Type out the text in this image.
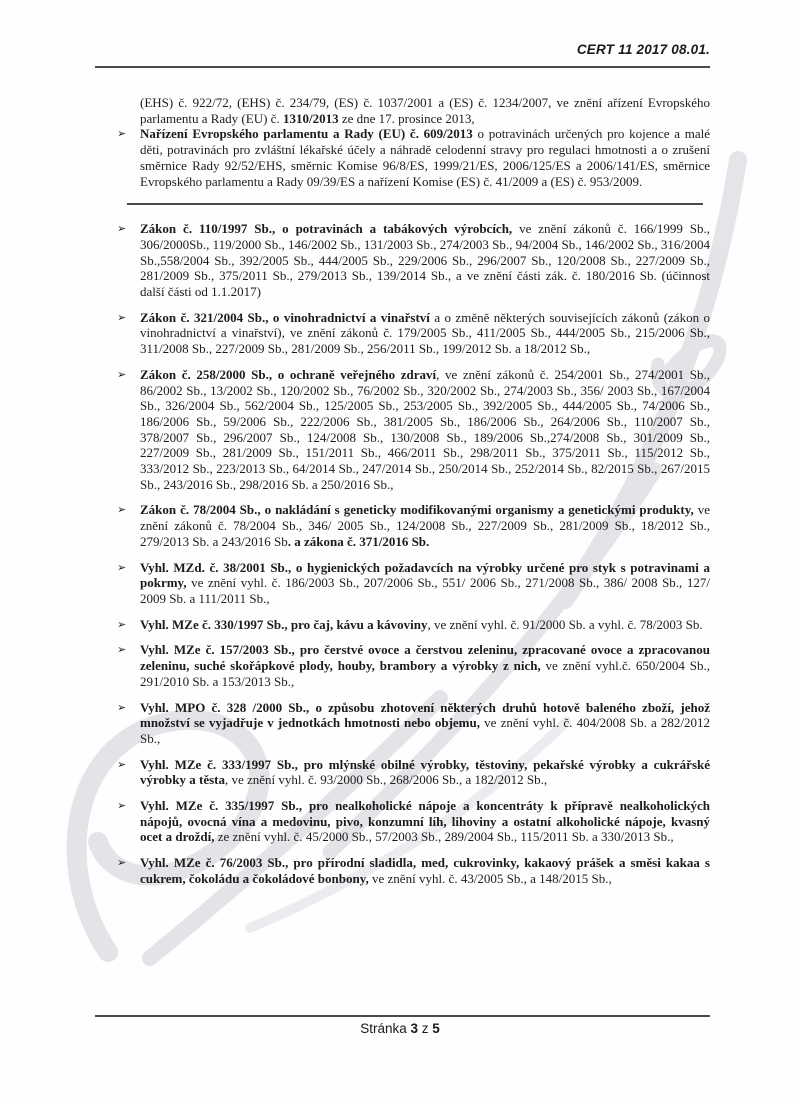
CERT 11 2017 08.01.

(EHS) č. 922/72, (EHS) č. 234/79, (ES) č. 1037/2001 a (ES) č. 1234/2007, ve znění ařízení Evropského parlamentu a Rady (EU) č. 1310/2013 ze dne 17. prosince 2013,

➢ Nařízení Evropského parlamentu a Rady (EU) č. 609/2013 o potravinách určených pro kojence a malé děti, potravinách pro zvláštní lékařské účely a náhradě celodenní stravy pro regulaci hmotnosti a o zrušení směrnice Rady 92/52/EHS, směrnic Komise 96/8/ES, 1999/21/ES, 2006/125/ES a 2006/141/ES, směrnice Evropského parlamentu a Rady 09/39/ES a nařízení Komise (ES) č. 41/2009 a (ES) č. 953/2009.

➢ Zákon č. 110/1997 Sb., o potravinách a tabákových výrobcích, ve znění zákonů č. 166/1999 Sb., 306/2000Sb., 119/2000 Sb., 146/2002 Sb., 131/2003 Sb., 274/2003 Sb., 94/2004 Sb., 146/2002 Sb., 316/2004 Sb.,558/2004 Sb., 392/2005 Sb., 444/2005 Sb., 229/2006 Sb., 296/2007 Sb., 120/2008 Sb., 227/2009 Sb., 281/2009 Sb., 375/2011 Sb., 279/2013 Sb., 139/2014 Sb., a ve znění části zák. č. 180/2016 Sb. (účinnost další části od 1.1.2017)

➢ Zákon č. 321/2004 Sb., o vinohradnictví a vinařství a o změně některých souvisejících zákonů (zákon o vinohradnictví a vinařství), ve znění zákonů č. 179/2005 Sb., 411/2005 Sb., 444/2005 Sb., 215/2006 Sb., 311/2008 Sb., 227/2009 Sb., 281/2009 Sb., 256/2011 Sb., 199/2012 Sb. a 18/2012 Sb.,

➢ Zákon č. 258/2000 Sb., o ochraně veřejného zdraví, ve znění zákonů č. 254/2001 Sb., 274/2001 Sb., 86/2002 Sb., 13/2002 Sb., 120/2002 Sb., 76/2002 Sb., 320/2002 Sb., 274/2003 Sb., 356/ 2003 Sb., 167/2004 Sb., 326/2004 Sb., 562/2004 Sb., 125/2005 Sb., 253/2005 Sb., 392/2005 Sb., 444/2005 Sb., 74/2006 Sb., 186/2006 Sb., 59/2006 Sb., 222/2006 Sb., 381/2005 Sb., 186/2006 Sb., 264/2006 Sb., 110/2007 Sb., 378/2007 Sb., 296/2007 Sb., 124/2008 Sb., 130/2008 Sb., 189/2006 Sb.,274/2008 Sb., 301/2009 Sb., 227/2009 Sb., 281/2009 Sb., 151/2011 Sb., 466/2011 Sb., 298/2011 Sb., 375/2011 Sb., 115/2012 Sb., 333/2012 Sb., 223/2013 Sb., 64/2014 Sb., 247/2014 Sb., 250/2014 Sb., 252/2014 Sb., 82/2015 Sb., 267/2015 Sb., 243/2016 Sb., 298/2016 Sb. a 250/2016 Sb.,

➢ Zákon č. 78/2004 Sb., o nakládání s geneticky modifikovanými organismy a genetickými produkty, ve znění zákonů č. 78/2004 Sb., 346/ 2005 Sb., 124/2008 Sb., 227/2009 Sb., 281/2009 Sb., 18/2012 Sb., 279/2013 Sb. a 243/2016 Sb. a zákona č. 371/2016 Sb.

➢ Vyhl. MZd. č. 38/2001 Sb., o hygienických požadavcích na výrobky určené pro styk s potravinami a pokrmy, ve znění vyhl. č. 186/2003 Sb., 207/2006 Sb., 551/ 2006 Sb., 271/2008 Sb., 386/ 2008 Sb., 127/ 2009 Sb. a 111/2011 Sb.,

➢ Vyhl. MZe č. 330/1997 Sb., pro čaj, kávu a kávoviny, ve znění vyhl. č. 91/2000 Sb. a vyhl. č. 78/2003 Sb.

➢ Vyhl. MZe č. 157/2003 Sb., pro čerstvé ovoce a čerstvou zeleninu, zpracované ovoce a zpracovanou zeleninu, suché skořápkové plody, houby, brambory a výrobky z nich, ve znění vyhl.č. 650/2004 Sb., 291/2010 Sb. a 153/2013 Sb.,

➢ Vyhl. MPO č. 328 /2000 Sb., o způsobu zhotovení některých druhů hotově baleného zboží, jehož množství se vyjadřuje v jednotkách hmotnosti nebo objemu, ve znění vyhl. č. 404/2008 Sb. a 282/2012 Sb.,

➢ Vyhl. MZe č. 333/1997 Sb., pro mlýnské obilné výrobky, těstoviny, pekařské výrobky a cukrářské výrobky a těsta, ve znění vyhl. č. 93/2000 Sb., 268/2006 Sb., a 182/2012 Sb.,

➢ Vyhl. MZe č. 335/1997 Sb., pro nealkoholické nápoje a koncentráty k přípravě nealkoholických nápojů, ovocná vína a medovinu, pivo, konzumní líh, lihoviny a ostatní alkoholické nápoje, kvasný ocet a droždí, ze znění vyhl. č. 45/2000 Sb., 57/2003 Sb., 289/2004 Sb., 115/2011 Sb. a 330/2013 Sb.,

➢ Vyhl. MZe č. 76/2003 Sb., pro přírodní sladidla, med, cukrovinky, kakaový prášek a směsi kakaa s cukrem, čokoládu a čokoládové bonbony, ve znění vyhl. č. 43/2005 Sb., a 148/2015 Sb.,

Stránka 3 z 5
